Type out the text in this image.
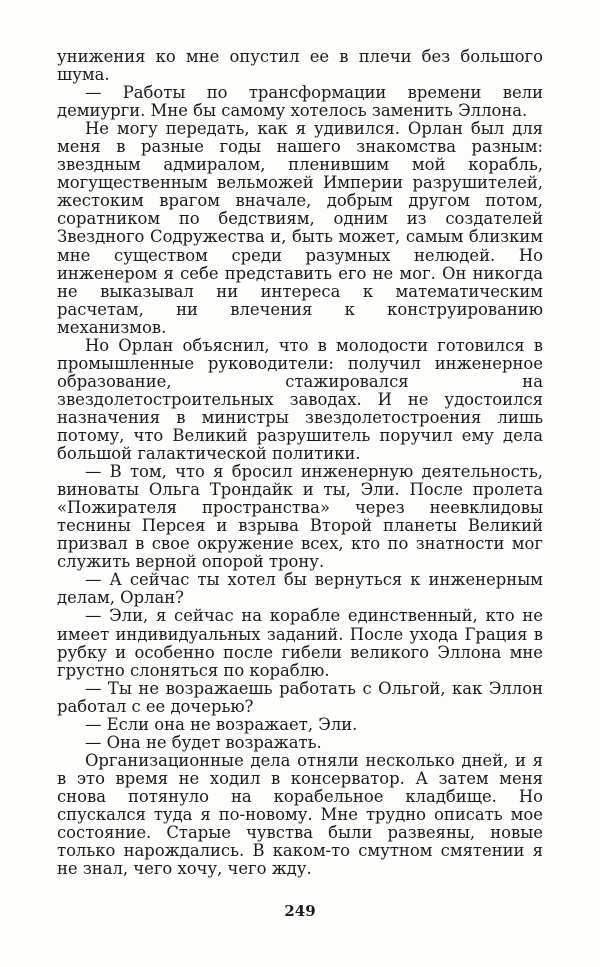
унижения ко мне опустил ее в плечи без большого шума.

— Работы по трансформации времени вели демиурги. Мне бы самому хотелось заменить Эллона.

Не могу передать, как я удивился. Орлан был для меня в разные годы нашего знакомства разным: звездным адмиралом, пленившим мой корабль, могущественным вельможей Империи разрушителей, жестоким врагом вначале, добрым другом потом, соратником по бедствиям, одним из создателей Звездного Содружества и, быть может, самым близким мне существом среди разумных нелюдей. Но инженером я себе представить его не мог. Он никогда не выказывал ни интереса к математическим расчетам, ни влечения к конструированию механизмов.

Но Орлан объяснил, что в молодости готовился в промышленные руководители: получил инженерное образование, стажировался на звездолетостроительных заводах. И не удостоился назначения в министры звездолетостроения лишь потому, что Великий разрушитель поручил ему дела большой галактической политики.

— В том, что я бросил инженерную деятельность, виноваты Ольга Трондайк и ты, Эли. После пролета «Пожирателя пространства» через неевклидовы теснины Персея и взрыва Второй планеты Великий призвал в свое окружение всех, кто по знатности мог служить верной опорой трону.

— А сейчас ты хотел бы вернуться к инженерным делам, Орлан?

— Эли, я сейчас на корабле единственный, кто не имеет индивидуальных заданий. После ухода Грация в рубку и особенно после гибели великого Эллона мне грустно слоняться по кораблю.

— Ты не возражаешь работать с Ольгой, как Эллон работал с ее дочерью?

— Если она не возражает, Эли.

— Она не будет возражать.

Организационные дела отняли несколько дней, и я в это время не ходил в консерватор. А затем меня снова потянуло на корабельное кладбище. Но спускался туда я по-новому. Мне трудно описать мое состояние. Старые чувства были развеяны, новые только нарождались. В каком-то смутном смятении я не знал, чего хочу, чего жду.

249
